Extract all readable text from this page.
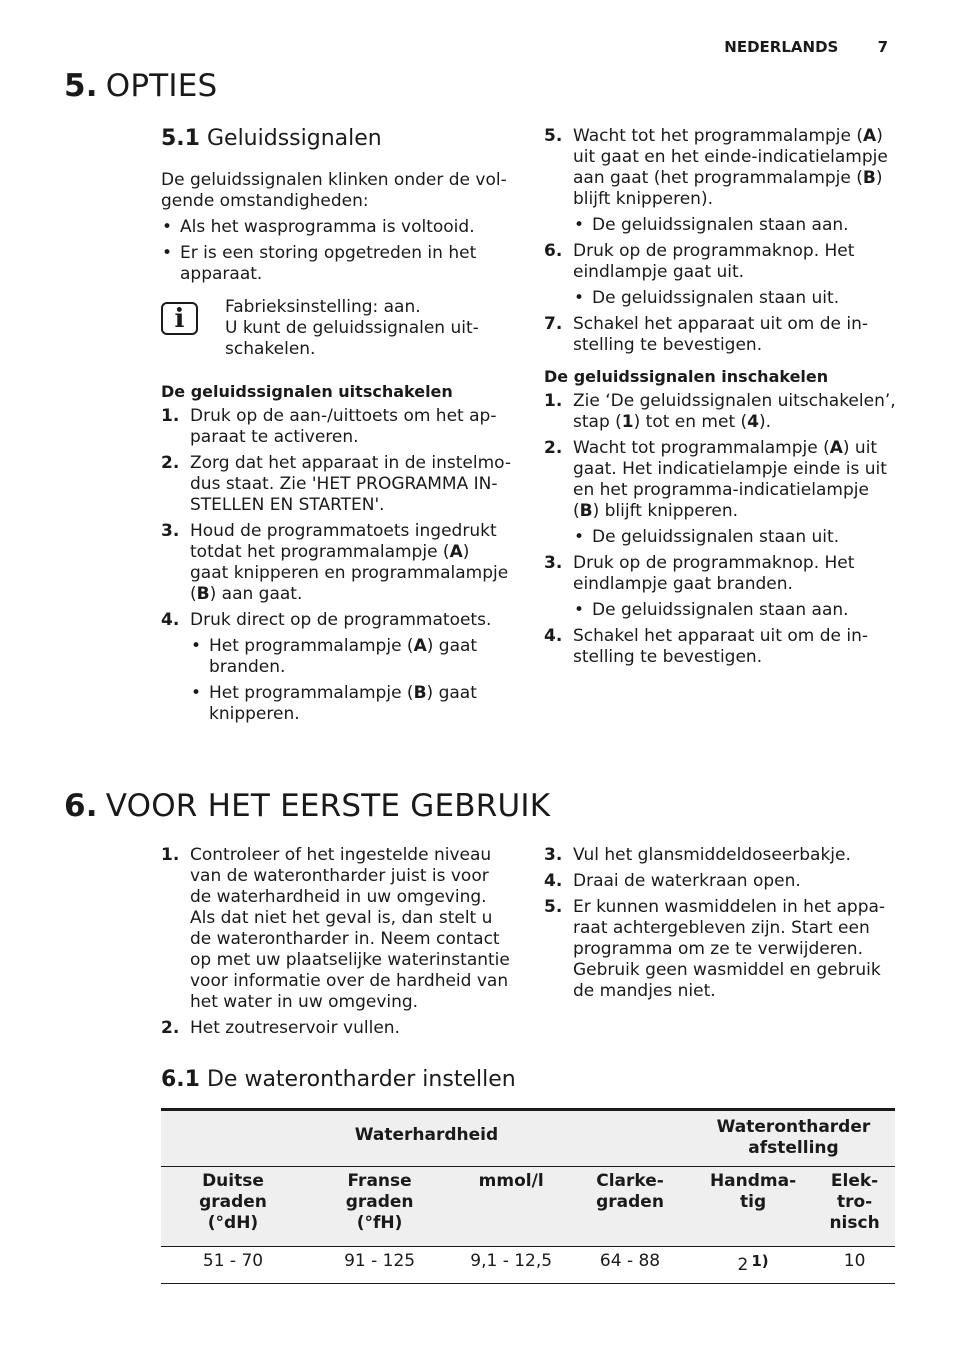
NEDERLANDS	7
5. OPTIES
5.1 Geluidssignalen
De geluidssignalen klinken onder de vol-gende omstandigheden:
• Als het wasprogramma is voltooid.
• Er is een storing opgetreden in het apparaat.
i
Fabrieksinstelling: aan.
U kunt de geluidssignalen uit-schakelen.
De geluidssignalen uitschakelen
1. Druk op de aan-/uittoets om het ap-paraat te activeren.
2. Zorg dat het apparaat in de instelmo-dus staat. Zie 'HET PROGRAMMA IN-STELLEN EN STARTEN'.
3. Houd de programmatoets ingedrukt totdat het programmalampje (A) gaat knipperen en programmalampje (B) aan gaat.
4. Druk direct op de programmatoets.
• Het programmalampje (A) gaat branden.
• Het programmalampje (B) gaat knipperen.
5. Wacht tot het programmalampje (A) uit gaat en het einde-indicatielampje aan gaat (het programmalampje (B) blijft knipperen).
• De geluidssignalen staan aan.
6. Druk op de programmaknop. Het eindlampje gaat uit.
• De geluidssignalen staan uit.
7. Schakel het apparaat uit om de in-stelling te bevestigen.
De geluidssignalen inschakelen
1. Zie ‘De geluidssignalen uitschakelen’, stap (1) tot en met (4).
2. Wacht tot programmalampje (A) uit gaat. Het indicatielampje einde is uit en het programma-indicatielampje (B) blijft knipperen.
• De geluidssignalen staan uit.
3. Druk op de programmaknop. Het eindlampje gaat branden.
• De geluidssignalen staan aan.
4. Schakel het apparaat uit om de in-stelling te bevestigen.
6. VOOR HET EERSTE GEBRUIK
1. Controleer of het ingestelde niveau van de waterontharder juist is voor de waterhardheid in uw omgeving. Als dat niet het geval is, dan stelt u de waterontharder in. Neem contact op met uw plaatselijke waterinstantie voor informatie over de hardheid van het water in uw omgeving.
2. Het zoutreservoir vullen.
3. Vul het glansmiddeldoseerbakje.
4. Draai de waterkraan open.
5. Er kunnen wasmiddelen in het appa-raat achtergebleven zijn. Start een programma om ze te verwijderen. Gebruik geen wasmiddel en gebruik de mandjes niet.
6.1 De waterontharder instellen
Waterhardheid				Waterontharder afstelling	
Duitse graden (°dH)	Franse graden (°fH)	mmol/l	Clarke-graden	Handma-tig	Elek-tro-nisch
51 - 70	91 - 125	9,1 - 12,5	64 - 88	2 1)	10
